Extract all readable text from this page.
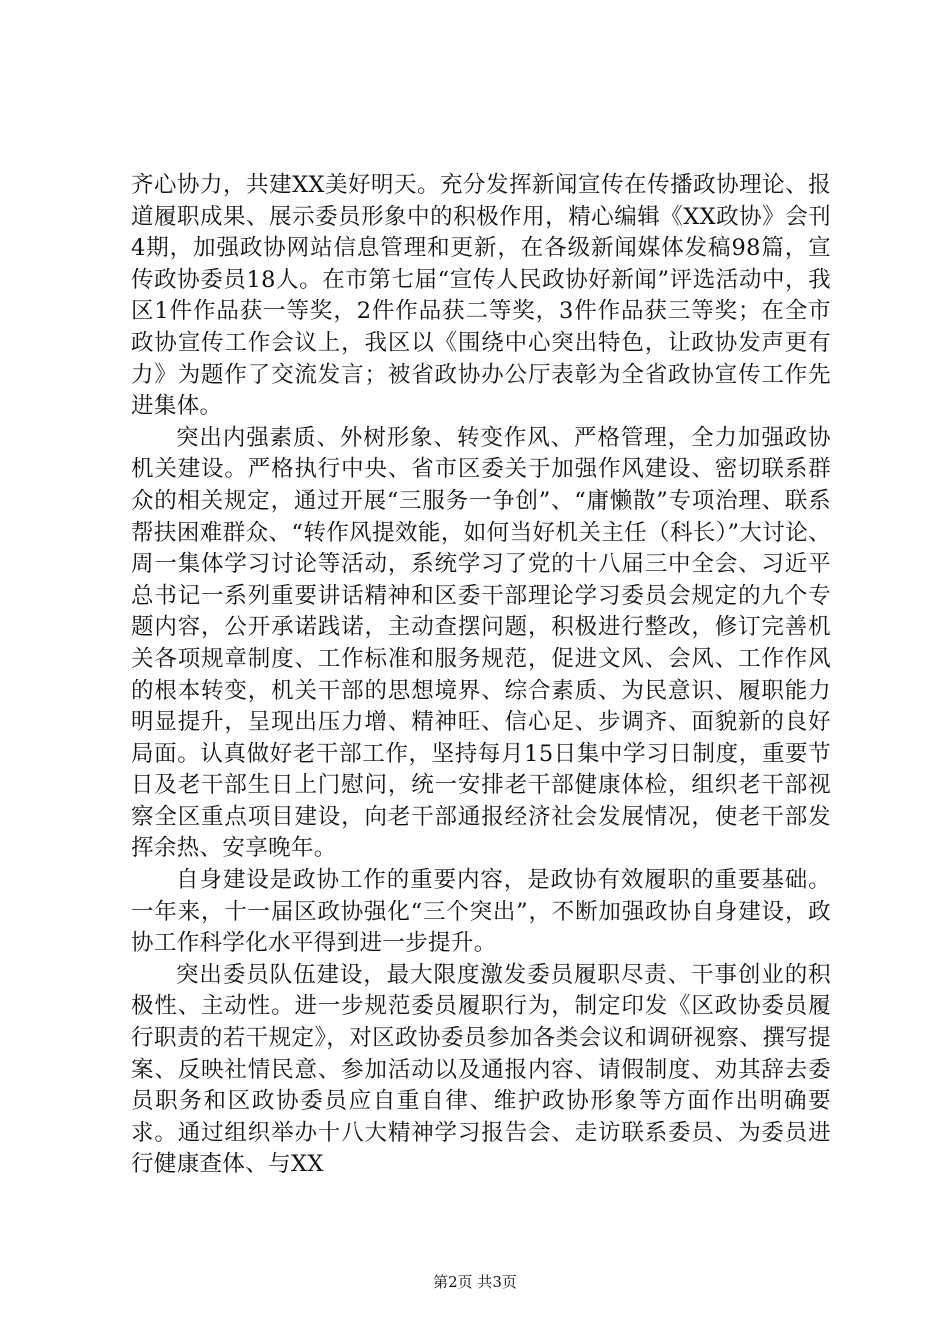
齐心协力，共建XX美好明天。充分发挥新闻宣传在传播政协理论、报道履职成果、展示委员形象中的积极作用，精心编辑《XX政协》会刊4期，加强政协网站信息管理和更新，在各级新闻媒体发稿98篇，宣传政协委员18人。在市第七届“宣传人民政协好新闻”评选活动中，我区1件作品获一等奖，2件作品获二等奖，3件作品获三等奖；在全市政协宣传工作会议上，我区以《围绕中心突出特色，让政协发声更有力》为题作了交流发言；被省政协办公厅表彰为全省政协宣传工作先进集体。

突出内强素质、外树形象、转变作风、严格管理，全力加强政协机关建设。严格执行中央、省市区委关于加强作风建设、密切联系群众的相关规定，通过开展“三服务一争创”、“庸懒散”专项治理、联系帮扶困难群众、“转作风提效能，如何当好机关主任（科长）”大讨论、周一集体学习讨论等活动，系统学习了党的十八届三中全会、习近平总书记一系列重要讲话精神和区委干部理论学习委员会规定的九个专题内容，公开承诺践诺，主动查摆问题，积极进行整改，修订完善机关各项规章制度、工作标准和服务规范，促进文风、会风、工作作风的根本转变，机关干部的思想境界、综合素质、为民意识、履职能力明显提升，呈现出压力增、精神旺、信心足、步调齐、面貌新的良好局面。认真做好老干部工作，坚持每月15日集中学习日制度，重要节日及老干部生日上门慰问，统一安排老干部健康体检，组织老干部视察全区重点项目建设，向老干部通报经济社会发展情况，使老干部发挥余热、安享晚年。

自身建设是政协工作的重要内容，是政协有效履职的重要基础。一年来，十一届区政协强化“三个突出”，不断加强政协自身建设，政协工作科学化水平得到进一步提升。

突出委员队伍建设，最大限度激发委员履职尽责、干事创业的积极性、主动性。进一步规范委员履职行为，制定印发《区政协委员履行职责的若干规定》，对区政协委员参加各类会议和调研视察、撰写提案、反映社情民意、参加活动以及通报内容、请假制度、劝其辞去委员职务和区政协委员应自重自律、维护政协形象等方面作出明确要求。通过组织举办十八大精神学习报告会、走访联系委员、为委员进行健康查体、与XX

第2页 共3页
